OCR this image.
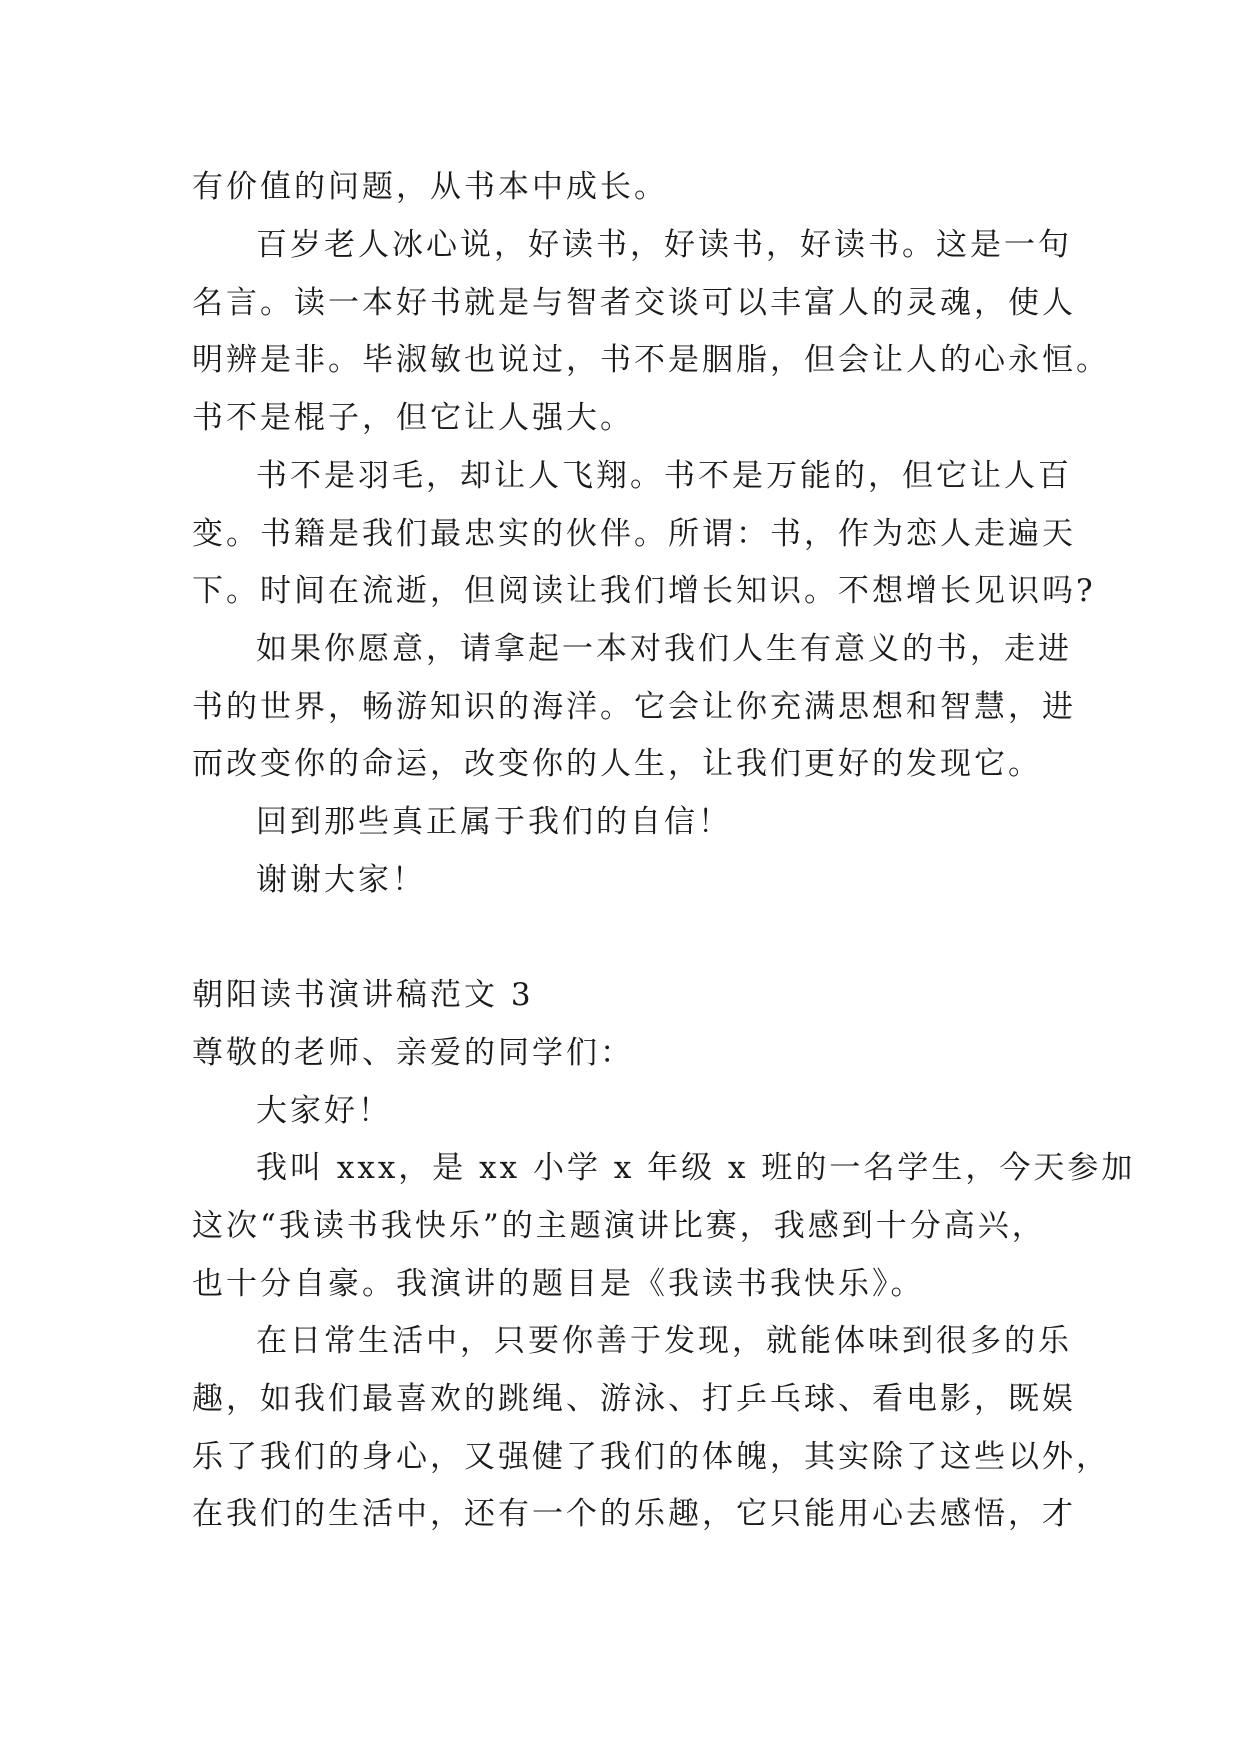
有价值的问题，从书本中成长。
百岁老人冰心说，好读书，好读书，好读书。这是一句
名言。读一本好书就是与智者交谈可以丰富人的灵魂，使人
明辨是非。毕淑敏也说过，书不是胭脂，但会让人的心永恒。
书不是棍子，但它让人强大。
书不是羽毛，却让人飞翔。书不是万能的，但它让人百
变。书籍是我们最忠实的伙伴。所谓：书，作为恋人走遍天
下。时间在流逝，但阅读让我们增长知识。不想增长见识吗?
如果你愿意，请拿起一本对我们人生有意义的书，走进
书的世界，畅游知识的海洋。它会让你充满思想和智慧，进
而改变你的命运，改变你的人生，让我们更好的发现它。
回到那些真正属于我们的自信！
谢谢大家！
朝阳读书演讲稿范文 3
尊敬的老师、亲爱的同学们：
大家好！
我叫 xxx，是 xx 小学 x 年级 x 班的一名学生，今天参加
这次“我读书我快乐”的主题演讲比赛，我感到十分高兴，
也十分自豪。我演讲的题目是《我读书我快乐》。
在日常生活中，只要你善于发现，就能体味到很多的乐
趣，如我们最喜欢的跳绳、游泳、打乒乓球、看电影，既娱
乐了我们的身心，又强健了我们的体魄，其实除了这些以外，
在我们的生活中，还有一个的乐趣，它只能用心去感悟，才
